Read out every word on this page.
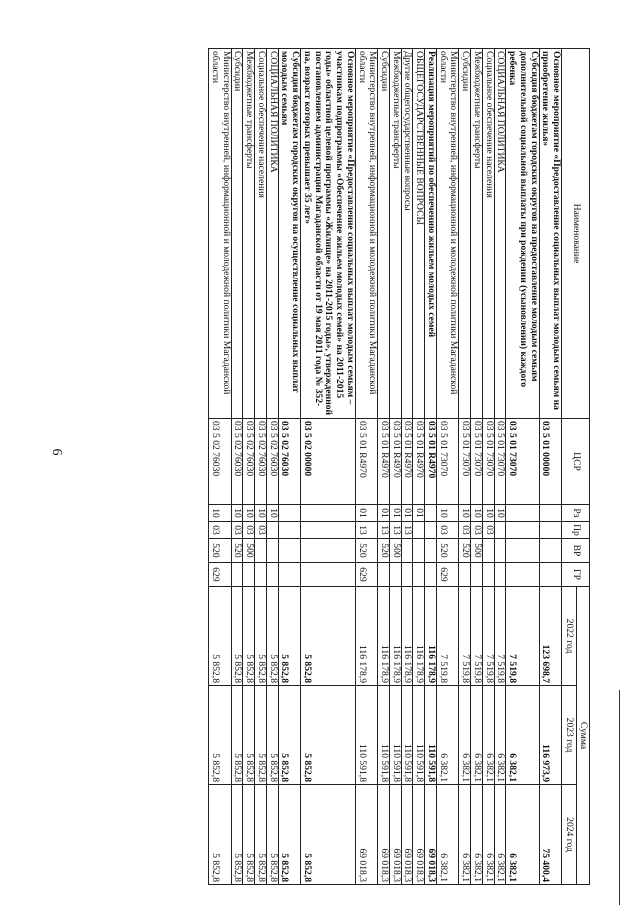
6
Наименование	ЦСР	Рз	Пр	ВР	ГР	Сумма		
						2022 год	2023 год	2024 год
Основное мероприятие «Предоставление социальных выплат молодым семьям на приобретение жилья»	03 5 01 00000					123 698,7	116 973,9	75 400,4
Субсидия бюджетам городских округов на предоставление молодым семьям дополнительной социальной выплаты при рождении (усыновлении) каждого ребенка	03 5 01 73070					7 519,8	6 382,1	6 382,1
СОЦИАЛЬНАЯ ПОЛИТИКА	03 5 01 73070	10				7 519,8	6 382,1	6 382,1
Социальное обеспечение населения	03 5 01 73070	10	03			7 519,8	6 382,1	6 382,1
Межбюджетные трансферты	03 5 01 73070	10	03	500		7 519,8	6 382,1	6 382,1
Субсидии	03 5 01 73070	10	03	520		7 519,8	6 382,1	6 382,1
Министерство внутренней, информационной и молодежной политики Магаданской области	03 5 01 73070	10	03	520	629	7 519,8	6 382,1	6 382,1
Реализация мероприятий по обеспечению жильем молодых семей	03 5 01 R4970					116 178,9	110 591,8	69 018,3
ОБЩЕГОСУДАРСТВЕННЫЕ ВОПРОСЫ	03 5 01 R4970	01				116 178,9	110 591,8	69 018,3
Другие общегосударственные вопросы	03 5 01 R4970	01	13			116 178,9	110 591,8	69 018,3
Межбюджетные трансферты	03 5 01 R4970	01	13	500		116 178,9	110 591,8	69 018,3
Субсидии	03 5 01 R4970	01	13	520		116 178,9	110 591,8	69 018,3
Министерство внутренней, информационной и молодежной политики Магаданской области	03 5 01 R4970	01	13	520	629	116 178,9	110 591,8	69 018,3
Основное мероприятие «Предоставление социальных выплат молодым семьям – участникам подпрограммы «Обеспечение жильем молодых семей» на 2011-2015 годы» областной целевой программы «Жилище» на 2011-2015 годы», утвержденной постановлением администрации Магаданской области от 19 мая 2011 года № 352-па, возраст которых превышает 35 лет»	03 5 02 00000					5 852,8	5 852,8	5 852,8
Субсидия бюджетам городских округов на осуществление социальных выплат молодым семьям	03 5 02 76030					5 852,8	5 852,8	5 852,8
СОЦИАЛЬНАЯ ПОЛИТИКА	03 5 02 76030	10				5 852,8	5 852,8	5 852,8
Социальное обеспечение населения	03 5 02 76030	10	03			5 852,8	5 852,8	5 852,8
Межбюджетные трансферты	03 5 02 76030	10	03	500		5 852,8	5 852,8	5 852,8
Субсидии	03 5 02 76030	10	03	520		5 852,8	5 852,8	5 852,8
Министерство внутренней, информационной и молодежной политики Магаданской области	03 5 02 76030	10	03	520	629	5 852,8	5 852,8	5 852,8
